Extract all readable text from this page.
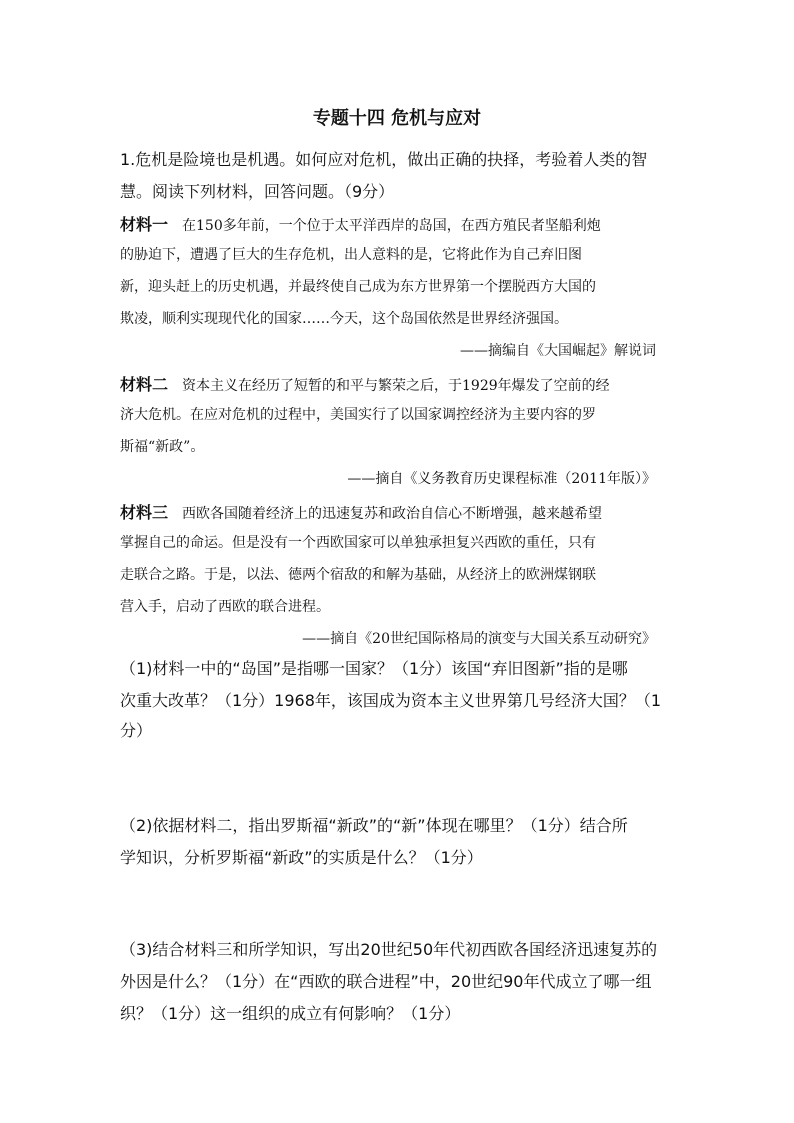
专题十四 危机与应对
1.危机是险境也是机遇。如何应对危机，做出正确的抉择，考验着人类的智
慧。阅读下列材料，回答问题。（9分）
材料一 在150多年前，一个位于太平洋西岸的岛国，在西方殖民者坚船利炮
的胁迫下，遭遇了巨大的生存危机，出人意料的是，它将此作为自己弃旧图
新，迎头赶上的历史机遇，并最终使自己成为东方世界第一个摆脱西方大国的
欺凌，顺利实现现代化的国家……今天，这个岛国依然是世界经济强国。
——摘编自《大国崛起》解说词
材料二 资本主义在经历了短暂的和平与繁荣之后，于1929年爆发了空前的经
济大危机。在应对危机的过程中，美国实行了以国家调控经济为主要内容的罗
斯福“新政”。
——摘自《义务教育历史课程标准（2011年版）》
材料三 西欧各国随着经济上的迅速复苏和政治自信心不断增强，越来越希望
掌握自己的命运。但是没有一个西欧国家可以单独承担复兴西欧的重任，只有
走联合之路。于是，以法、德两个宿敌的和解为基础，从经济上的欧洲煤钢联
营入手，启动了西欧的联合进程。
——摘自《20世纪国际格局的演变与大国关系互动研究》
（1)材料一中的“岛国”是指哪一国家？（1分）该国“弃旧图新”指的是哪
次重大改革？（1分）1968年，该国成为资本主义世界第几号经济大国？（1
分）
（2)依据材料二，指出罗斯福“新政”的“新”体现在哪里？（1分）结合所
学知识，分析罗斯福“新政”的实质是什么？（1分）
（3)结合材料三和所学知识，写出20世纪50年代初西欧各国经济迅速复苏的
外因是什么？（1分）在“西欧的联合进程”中，20世纪90年代成立了哪一组
织？（1分）这一组织的成立有何影响？（1分）
